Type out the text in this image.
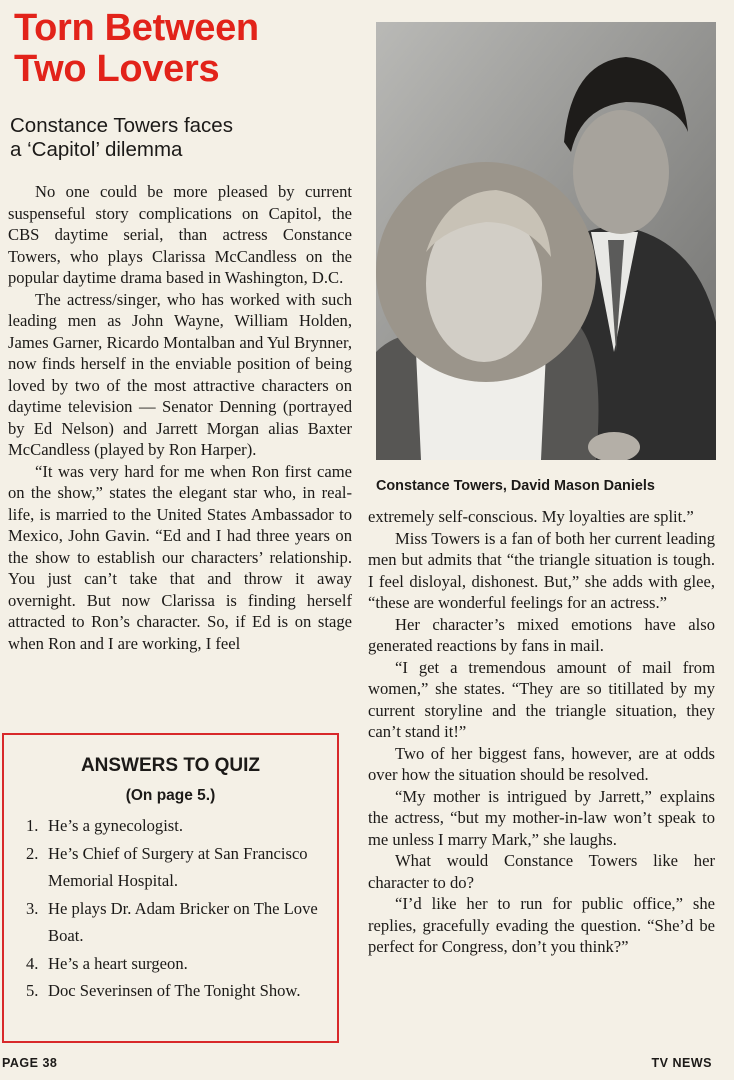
Torn Between
Two Lovers
Constance Towers faces
a ‘Capitol’ dilemma

No one could be more pleased by current suspenseful story complications on Capitol, the CBS daytime serial, than actress Constance Towers, who plays Clarissa McCandless on the popular daytime drama based in Washington, D.C.

The actress/singer, who has worked with such leading men as John Wayne, William Holden, James Garner, Ricardo Montalban and Yul Brynner, now finds herself in the enviable position of being loved by two of the most attractive characters on daytime television — Senator Denning (portrayed by Ed Nelson) and Jarrett Morgan alias Baxter McCandless (played by Ron Harper).

“It was very hard for me when Ron first came on the show,” states the elegant star who, in real-life, is married to the United States Ambassador to Mexico, John Gavin. “Ed and I had three years on the show to establish our characters’ relationship. You just can’t take that and throw it away overnight. But now Clarissa is finding herself attracted to Ron’s character. So, if Ed is on stage when Ron and I are working, I feel

Constance Towers, David Mason Daniels

extremely self-conscious. My loyalties are split.”

Miss Towers is a fan of both her current leading men but admits that “the triangle situation is tough. I feel disloyal, dishonest. But,” she adds with glee, “these are wonderful feelings for an actress.”

Her character’s mixed emotions have also generated reactions by fans in mail.

“I get a tremendous amount of mail from women,” she states. “They are so titillated by my current storyline and the triangle situation, they can’t stand it!”

Two of her biggest fans, however, are at odds over how the situation should be resolved.

“My mother is intrigued by Jarrett,” explains the actress, “but my mother-in-law won’t speak to me unless I marry Mark,” she laughs.

What would Constance Towers like her character to do?

“I’d like her to run for public office,” she replies, gracefully evading the question. “She’d be perfect for Congress, don’t you think?”

ANSWERS TO QUIZ
(On page 5.)
1. He’s a gynecologist.
2. He’s Chief of Surgery at San Francisco Memorial Hospital.
3. He plays Dr. Adam Bricker on The Love Boat.
4. He’s a heart surgeon.
5. Doc Severinsen of The Tonight Show.
PAGE 38	TV NEWS
